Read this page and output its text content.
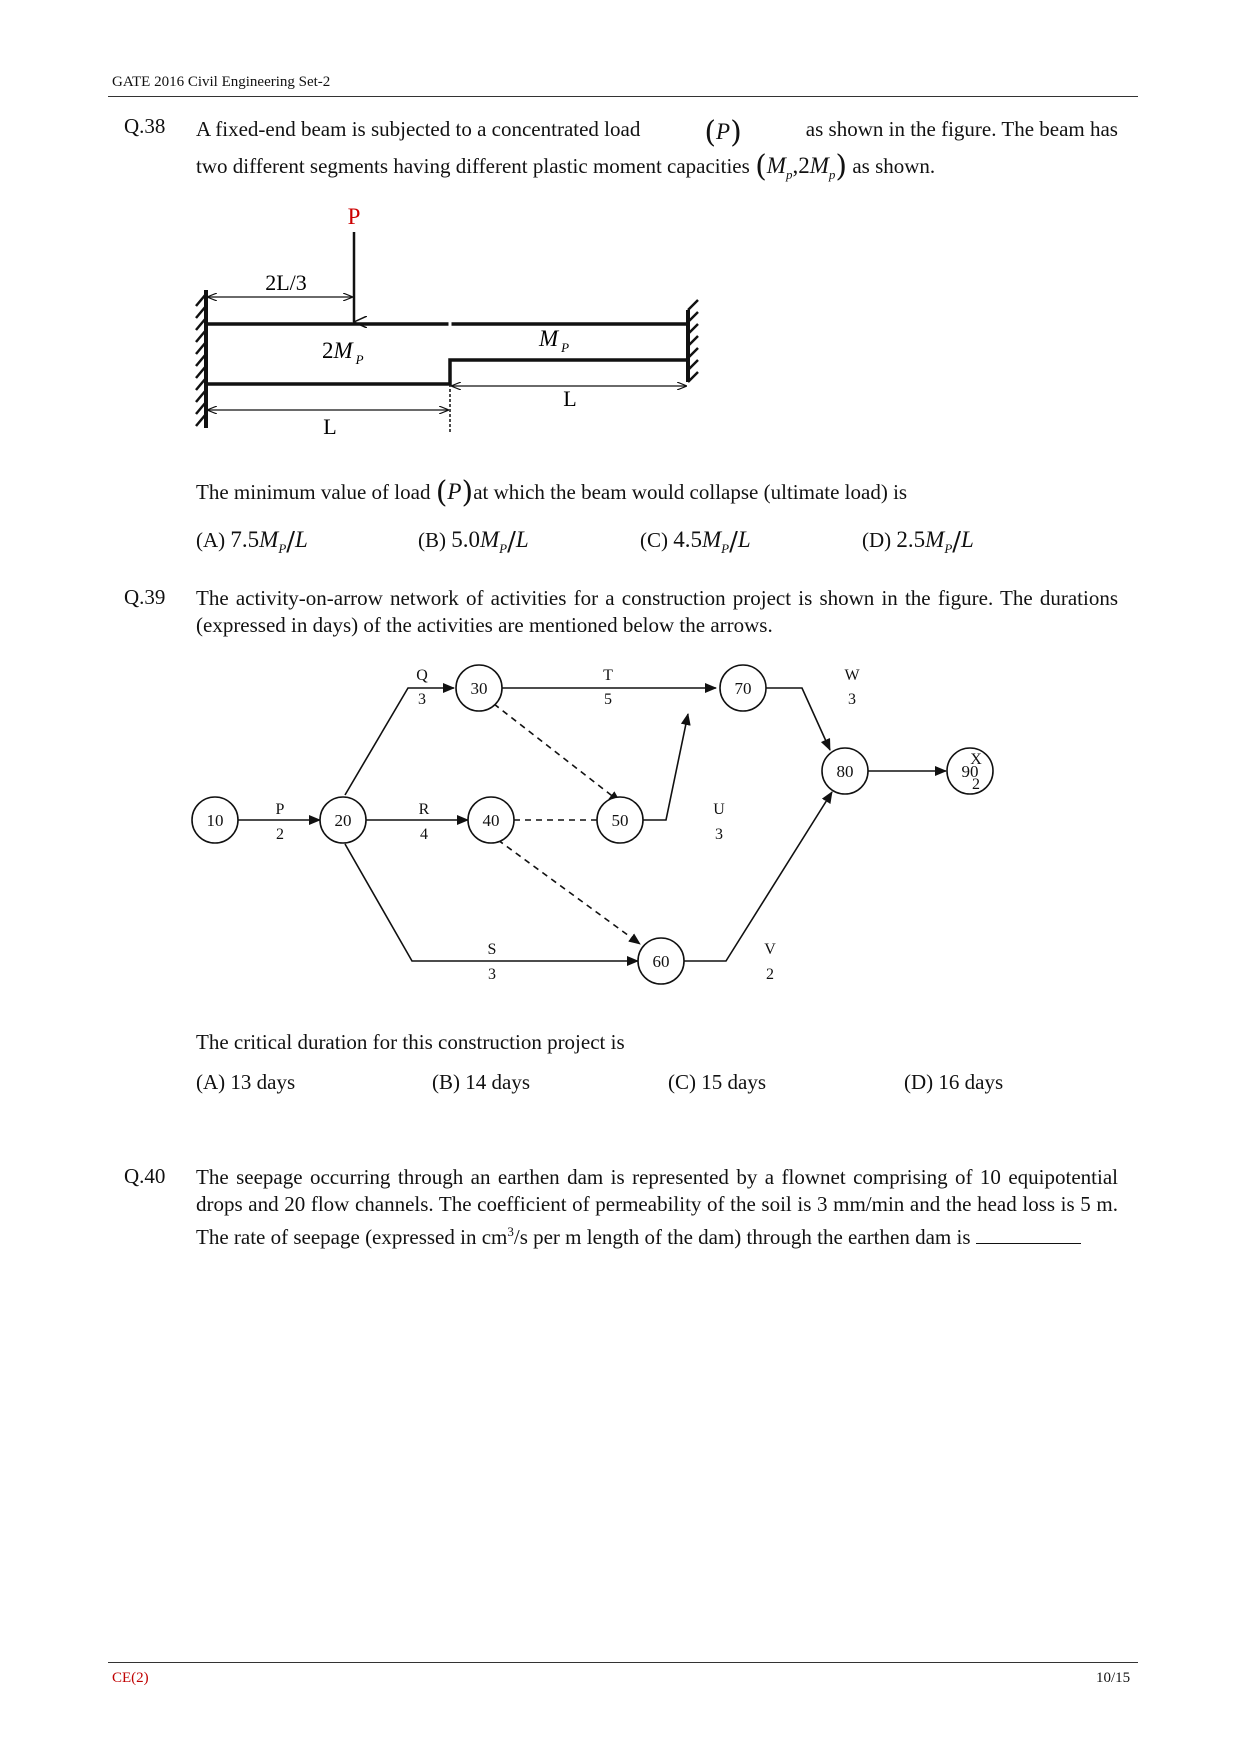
GATE 2016 Civil Engineering Set-2
Q.38 A fixed-end beam is subjected to a concentrated load (P)	as shown in the figure. The beam has
two different segments having different plastic moment capacities $(M_p,2M_p)$ as shown.
P
2L/3
2M $_P$
M $_P$
L
L
The minimum value of load (P)at which the beam would collapse (ultimate load) is
(A) $7.5M_P/L$	(B) $5.0M_P/L$	(C) $4.5M_P/L$	(D) $2.5M_P/L$
Q.39 The activity-on-arrow network of activities for a construction project is shown in the figure. The durations (expressed in days) of the activities are mentioned below the arrows.
10	20
30
40	50
60
70
80	90
P
2
Q
3
R
4
S
3
T
5
U
3
V
2
W
3
X
2
The critical duration for this construction project is
(A) 13 days	(B) 14 days	(C) 15 days	(D) 16 days
Q.40 The seepage occurring through an earthen dam is represented by a flownet comprising of 10 equipotential drops and 20 flow channels. The coefficient of permeability of the soil is 3 mm/min and the head loss is 5 m. The rate of seepage (expressed in $cm^3/s$ per m length of the dam) through the earthen dam is
CE(2)	10/15
